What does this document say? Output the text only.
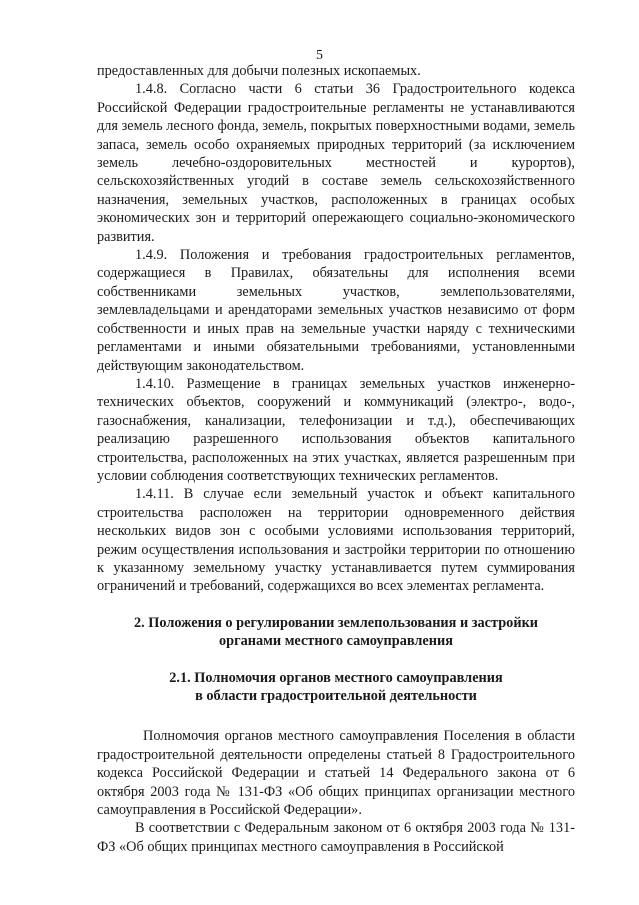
5

предоставленных для добычи полезных ископаемых.

1.4.8. Согласно части 6 статьи 36 Градостроительного кодекса Российской Федерации градостроительные регламенты не устанавливаются для земель лесного фонда, земель, покрытых поверхностными водами, земель запаса, земель особо охраняемых природных территорий (за исключением земель лечебно-оздоровительных местностей и курортов), сельскохозяйственных угодий в составе земель сельскохозяйственного назначения, земельных участков, расположенных в границах особых экономических зон и территорий опережающего социально-экономического развития.

1.4.9. Положения и требования градостроительных регламентов, содержащиеся в Правилах, обязательны для исполнения всеми собственниками земельных участков, землепользователями, землевладельцами и арендаторами земельных участков независимо от форм собственности и иных прав на земельные участки наряду с техническими регламентами и иными обязательными требованиями, установленными действующим законодательством.

1.4.10. Размещение в границах земельных участков инженерно-технических объектов, сооружений и коммуникаций (электро-, водо-, газоснабжения, канализации, телефонизации и т.д.), обеспечивающих реализацию разрешенного использования объектов капитального строительства, расположенных на этих участках, является разрешенным при условии соблюдения соответствующих технических регламентов.

1.4.11. В случае если земельный участок и объект капитального строительства расположен на территории одновременного действия нескольких видов зон с особыми условиями использования территорий, режим осуществления использования и застройки территории по отношению к указанному земельному участку устанавливается путем суммирования ограничений и требований, содержащихся во всех элементах регламента.

2. Положения о регулировании землепользования и застройки
органами местного самоуправления
2.1. Полномочия органов местного самоуправления
в области градостроительной деятельности

Полномочия органов местного самоуправления Поселения в области градостроительной деятельности определены статьей 8 Градостроительного кодекса Российской Федерации и статьей 14 Федерального закона от 6 октября 2003 года № 131-ФЗ «Об общих принципах организации местного самоуправления в Российской Федерации».

В соответствии с Федеральным законом от 6 октября 2003 года № 131-ФЗ «Об общих принципах местного самоуправления в Российской
